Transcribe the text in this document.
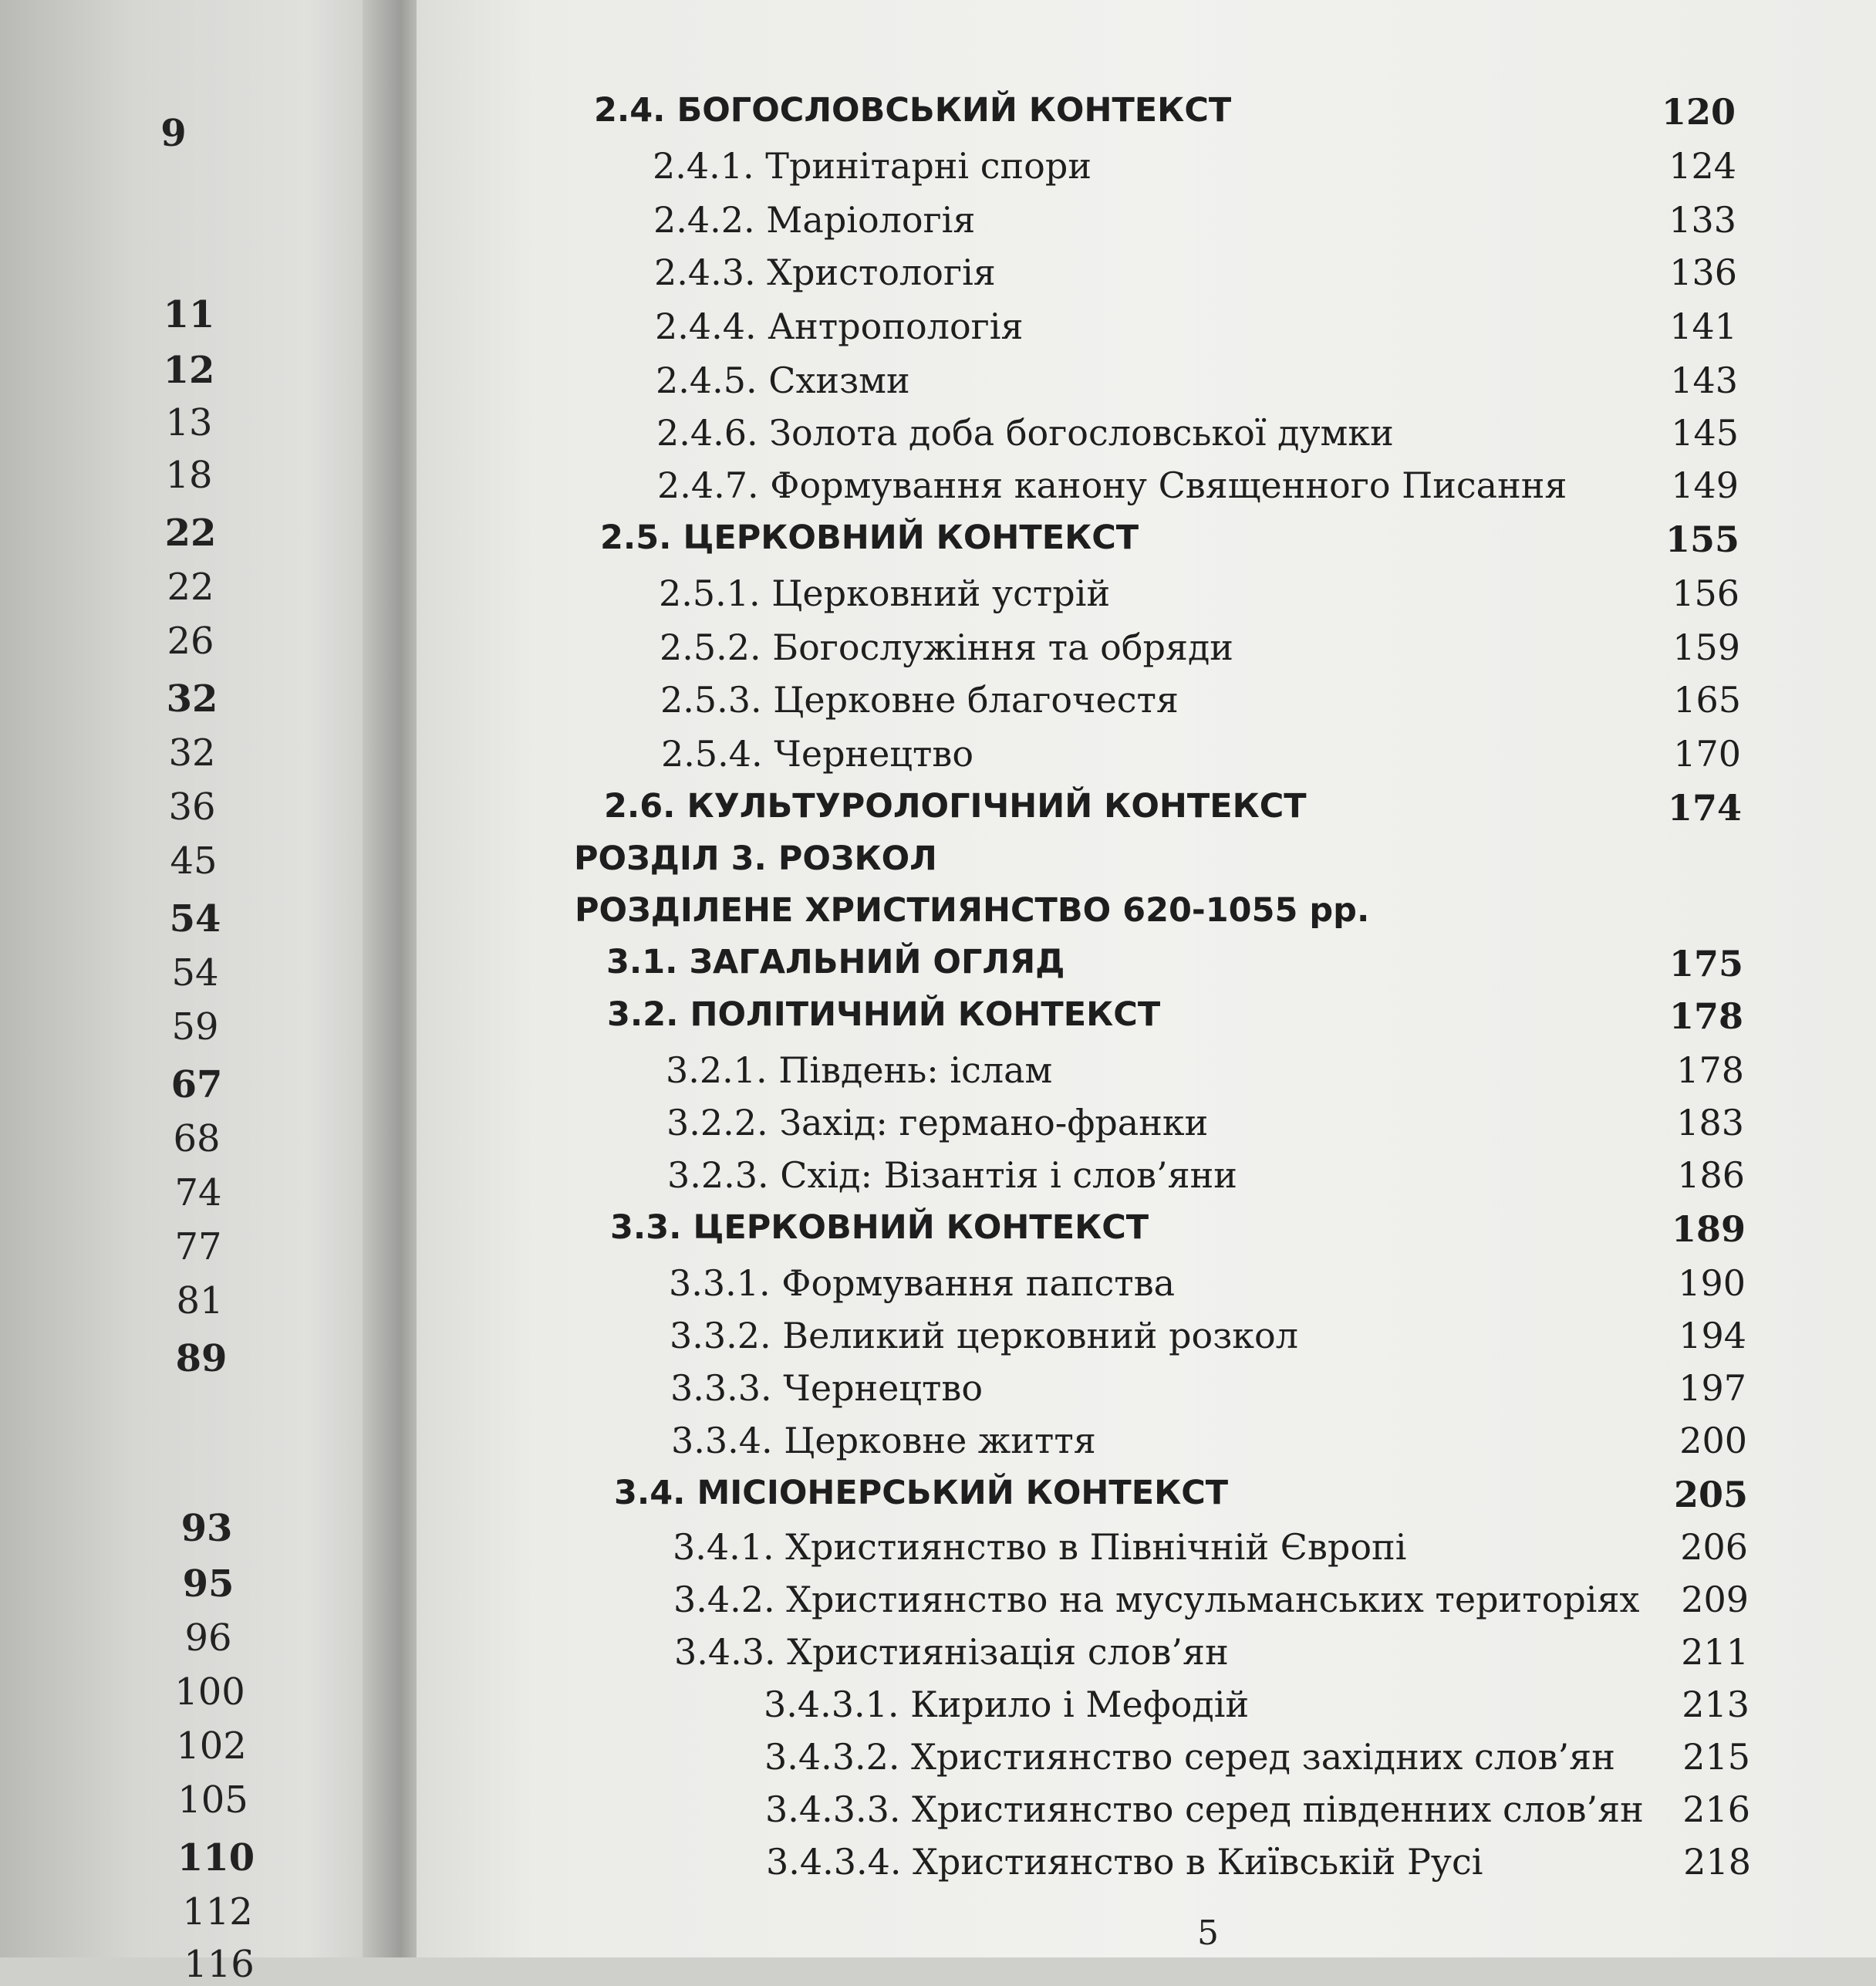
9
11
12
13
18
22
22
26
32
32
36
45
54
54
59
67
68
74
77
81
89
93
95
96
100
102
105
110
112
116
2.4. БОГОСЛОВСЬКИЙ КОНТЕКСТ	120
2.4.1. Тринітарні спори	124
2.4.2. Маріологія	133
2.4.3. Христологія	136
2.4.4. Антропологія	141
2.4.5. Схизми	143
2.4.6. Золота доба богословської думки	145
2.4.7. Формування канону Священного Писання	149
2.5. ЦЕРКОВНИЙ КОНТЕКСТ	155
2.5.1. Церковний устрій	156
2.5.2. Богослужіння та обряди	159
2.5.3. Церковне благочестя	165
2.5.4. Чернецтво	170
2.6. КУЛЬТУРОЛОГІЧНИЙ КОНТЕКСТ	174
РОЗДІЛ 3. РОЗКОЛ
РОЗДІЛЕНЕ ХРИСТИЯНСТВО 620-1055 рр.
3.1. ЗАГАЛЬНИЙ ОГЛЯД	175
3.2. ПОЛІТИЧНИЙ КОНТЕКСТ	178
3.2.1. Південь: іслам	178
3.2.2. Захід: германо-франки	183
3.2.3. Схід: Візантія і слов’яни	186
3.3. ЦЕРКОВНИЙ КОНТЕКСТ	189
3.3.1. Формування папства	190
3.3.2. Великий церковний розкол	194
3.3.3. Чернецтво	197
3.3.4. Церковне життя	200
3.4. МІСІОНЕРСЬКИЙ КОНТЕКСТ	205
3.4.1. Християнство в Північній Європі	206
3.4.2. Християнство на мусульманських територіях	209
3.4.3. Християнізація слов’ян	211
3.4.3.1. Кирило і Мефодій	213
3.4.3.2. Християнство серед західних слов’ян	215
3.4.3.3. Християнство серед південних слов’ян	216
3.4.3.4. Християнство в Київській Русі	218
5
